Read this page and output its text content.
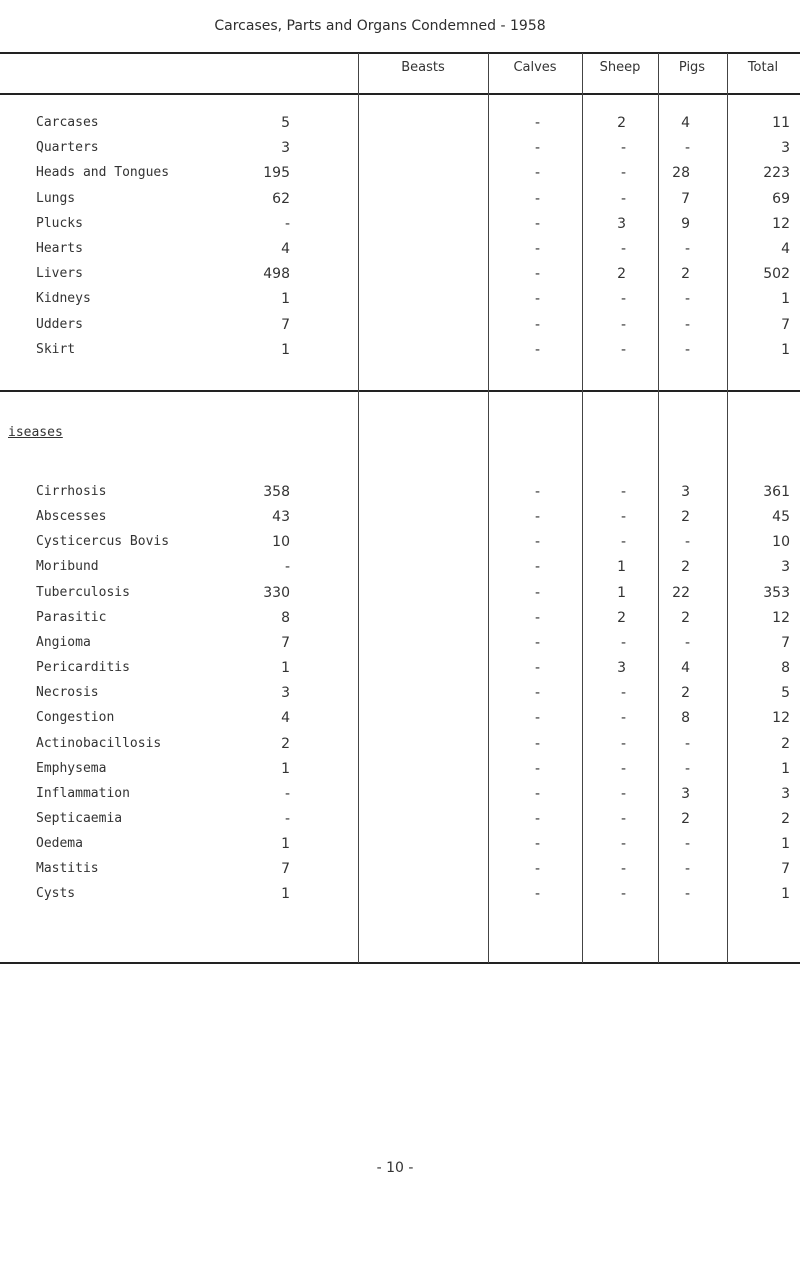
Carcases, Parts and Organs Condemned - 1958
Beasts	Calves	Sheep	Pigs	Total
Carcases	5	-	2	4	11
Quarters	3	-	-	-	3
Heads and Tongues	195	-	-	28	223
Lungs	62	-	-	7	69
Plucks	-	-	3	9	12
Hearts	4	-	-	-	4
Livers	498	-	2	2	502
Kidneys	1	-	-	-	1
Udders	7	-	-	-	7
Skirt	1	-	-	-	1
iseases
Cirrhosis	358	-	-	3	361
Abscesses	43	-	-	2	45
Cysticercus Bovis	10	-	-	-	10
Moribund	-	-	1	2	3
Tuberculosis	330	-	1	22	353
Parasitic	8	-	2	2	12
Angioma	7	-	-	-	7
Pericarditis	1	-	3	4	8
Necrosis	3	-	-	2	5
Congestion	4	-	-	8	12
Actinobacillosis	2	-	-	-	2
Emphysema	1	-	-	-	1
Inflammation	-	-	-	3	3
Septicaemia	-	-	-	2	2
Oedema	1	-	-	-	1
Mastitis	7	-	-	-	7
Cysts	1	-	-	-	1
- 10 -
